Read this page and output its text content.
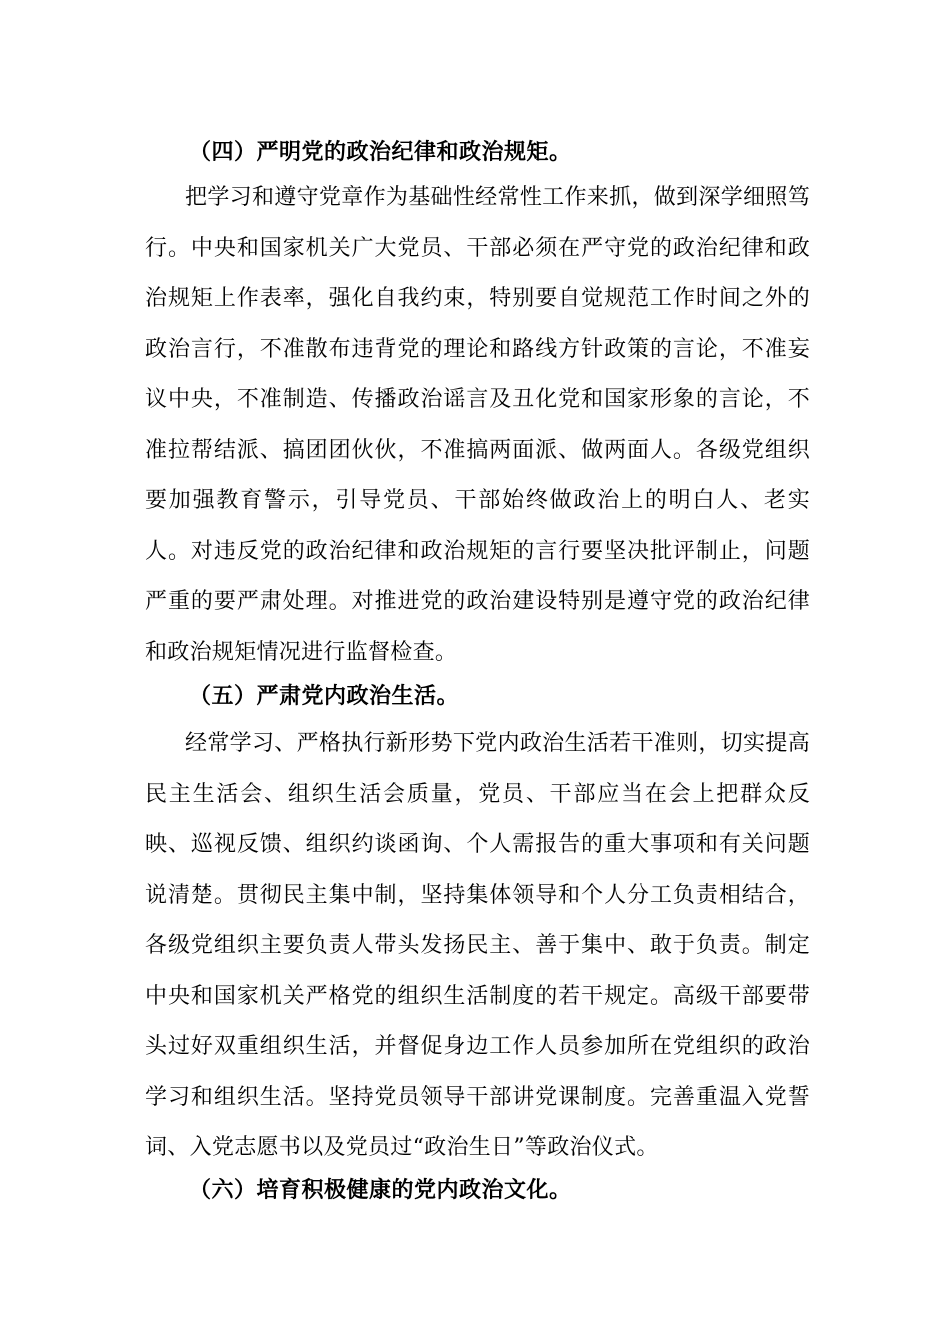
（四）严明党的政治纪律和政治规矩。

把学习和遵守党章作为基础性经常性工作来抓，做到深学细照笃行。中央和国家机关广大党员、干部必须在严守党的政治纪律和政治规矩上作表率，强化自我约束，特别要自觉规范工作时间之外的政治言行，不准散布违背党的理论和路线方针政策的言论，不准妄议中央，不准制造、传播政治谣言及丑化党和国家形象的言论，不准拉帮结派、搞团团伙伙，不准搞两面派、做两面人。各级党组织要加强教育警示，引导党员、干部始终做政治上的明白人、老实人。对违反党的政治纪律和政治规矩的言行要坚决批评制止，问题严重的要严肃处理。对推进党的政治建设特别是遵守党的政治纪律和政治规矩情况进行监督检查。

（五）严肃党内政治生活。

经常学习、严格执行新形势下党内政治生活若干准则，切实提高民主生活会、组织生活会质量，党员、干部应当在会上把群众反映、巡视反馈、组织约谈函询、个人需报告的重大事项和有关问题说清楚。贯彻民主集中制，坚持集体领导和个人分工负责相结合，各级党组织主要负责人带头发扬民主、善于集中、敢于负责。制定中央和国家机关严格党的组织生活制度的若干规定。高级干部要带头过好双重组织生活，并督促身边工作人员参加所在党组织的政治学习和组织生活。坚持党员领导干部讲党课制度。完善重温入党誓词、入党志愿书以及党员过“政治生日”等政治仪式。

（六）培育积极健康的党内政治文化。
